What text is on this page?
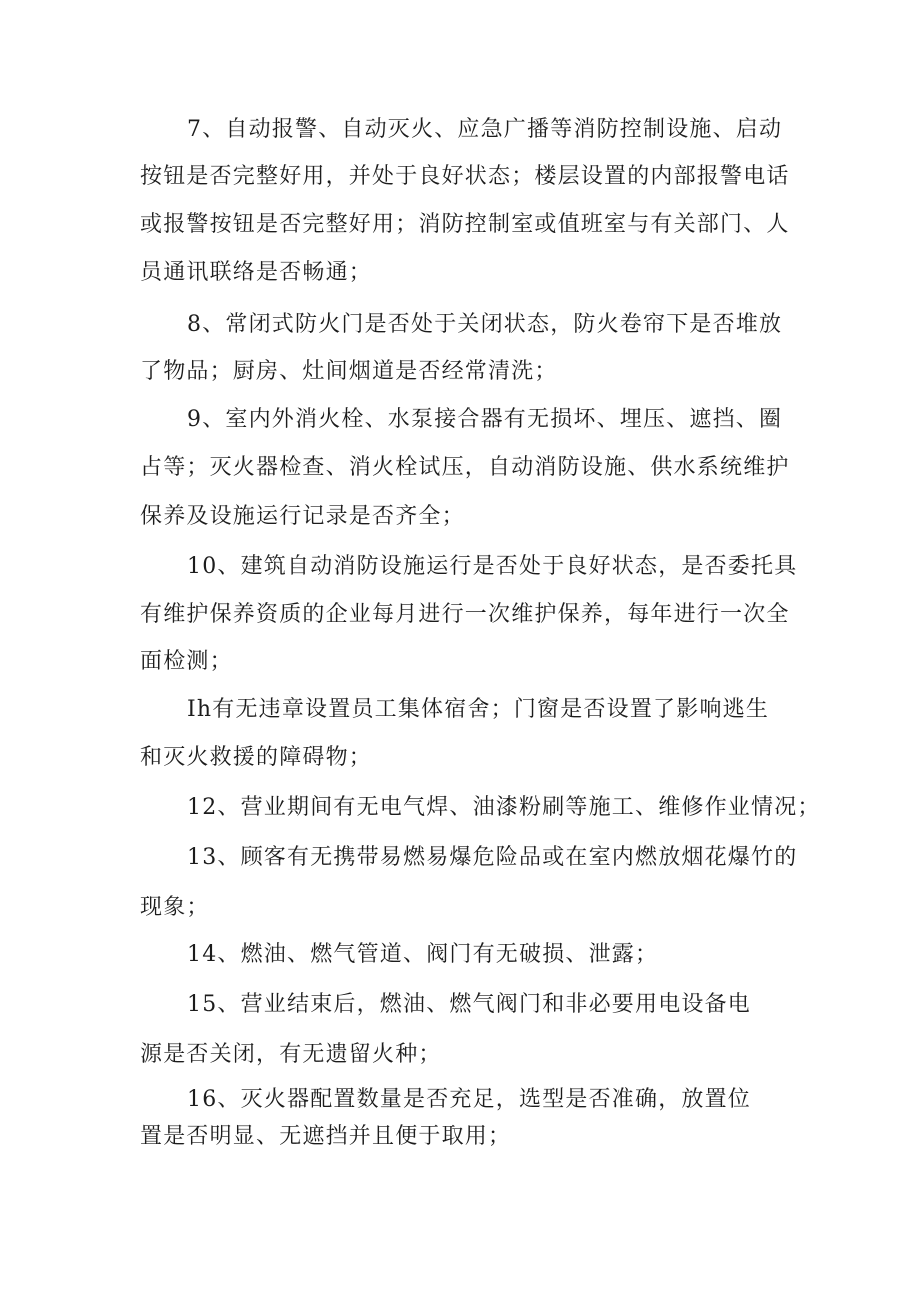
7、自动报警、自动灭火、应急广播等消防控制设施、启动
按钮是否完整好用，并处于良好状态；楼层设置的内部报警电话
或报警按钮是否完整好用；消防控制室或值班室与有关部门、人
员通讯联络是否畅通；
8、常闭式防火门是否处于关闭状态，防火卷帘下是否堆放
了物品；厨房、灶间烟道是否经常清洗；
9、室内外消火栓、水泵接合器有无损坏、埋压、遮挡、圈
占等；灭火器检查、消火栓试压，自动消防设施、供水系统维护
保养及设施运行记录是否齐全；
10、建筑自动消防设施运行是否处于良好状态，是否委托具
有维护保养资质的企业每月进行一次维护保养，每年进行一次全
面检测；
Ih有无违章设置员工集体宿舍；门窗是否设置了影响逃生
和灭火救援的障碍物；
12、营业期间有无电气焊、油漆粉刷等施工、维修作业情况；
13、顾客有无携带易燃易爆危险品或在室内燃放烟花爆竹的
现象；
14、燃油、燃气管道、阀门有无破损、泄露；
15、营业结束后，燃油、燃气阀门和非必要用电设备电
源是否关闭，有无遗留火种；
16、灭火器配置数量是否充足，选型是否准确，放置位
置是否明显、无遮挡并且便于取用；
